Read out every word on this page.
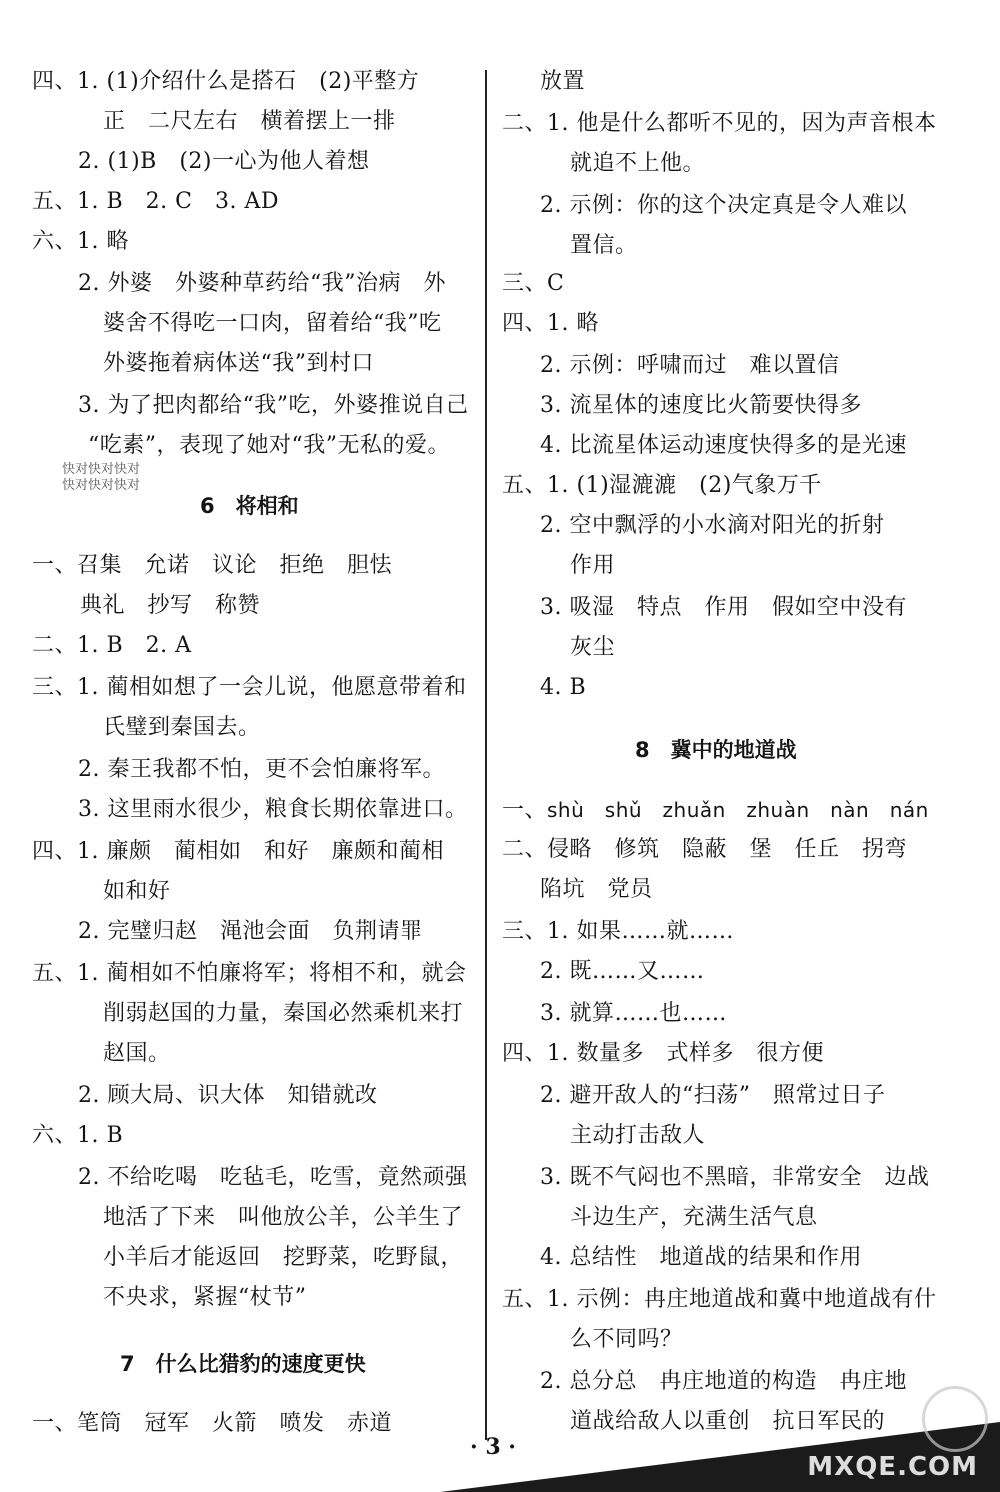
四、1. (1)介绍什么是搭石　(2)平整方
正　二尺左右　横着摆上一排
2. (1)B　(2)一心为他人着想
五、1. B　2. C　3. AD
六、1. 略
2. 外婆　外婆种草药给“我”治病　外
婆舍不得吃一口肉，留着给“我”吃
外婆拖着病体送“我”到村口
3. 为了把肉都给“我”吃，外婆推说自己
“吃素”，表现了她对“我”无私的爱。
一、召集　允诺　议论　拒绝　胆怯
典礼　抄写　称赞
二、1. B　2. A
三、1. 蔺相如想了一会儿说，他愿意带着和
氏璧到秦国去。
2. 秦王我都不怕，更不会怕廉将军。
3. 这里雨水很少，粮食长期依靠进口。
四、1. 廉颇　蔺相如　和好　廉颇和蔺相
如和好
2. 完璧归赵　渑池会面　负荆请罪
五、1. 蔺相如不怕廉将军；将相不和，就会
削弱赵国的力量，秦国必然乘机来打
赵国。
2. 顾大局、识大体　知错就改
六、1. B
2. 不给吃喝　吃毡毛，吃雪，竟然顽强
地活了下来　叫他放公羊，公羊生了
小羊后才能返回　挖野菜，吃野鼠，
不央求，紧握“杖节”
一、笔筒　冠军　火箭　喷发　赤道
6　将相和
7　什么比猎豹的速度更快
放置
二、1. 他是什么都听不见的，因为声音根本
就追不上他。
2. 示例：你的这个决定真是令人难以
置信。
三、C
四、1. 略
2. 示例：呼啸而过　难以置信
3. 流星体的速度比火箭要快得多
4. 比流星体运动速度快得多的是光速
五、1. (1)湿漉漉　(2)气象万千
2. 空中飘浮的小水滴对阳光的折射
作用
3. 吸湿　特点　作用　假如空中没有
灰尘
4. B
二、侵略　修筑　隐蔽　堡　任丘　拐弯
陷坑　党员
三、1. 如果……就……
2. 既……又……
3. 就算……也……
四、1. 数量多　式样多　很方便
2. 避开敌人的“扫荡”　照常过日子
主动打击敌人
3. 既不气闷也不黑暗，非常安全　边战
斗边生产，充满生活气息
4. 总结性　地道战的结果和作用
五、1. 示例：冉庄地道战和冀中地道战有什
么不同吗？
2. 总分总　冉庄地道的构造　冉庄地
道战给敌人以重创　抗日军民的
8　冀中的地道战
一、shù　shǔ　zhuǎn　zhuàn　nàn　nán
快对快对快对
快对快对快对
· 3 ·
MXQE.COM
